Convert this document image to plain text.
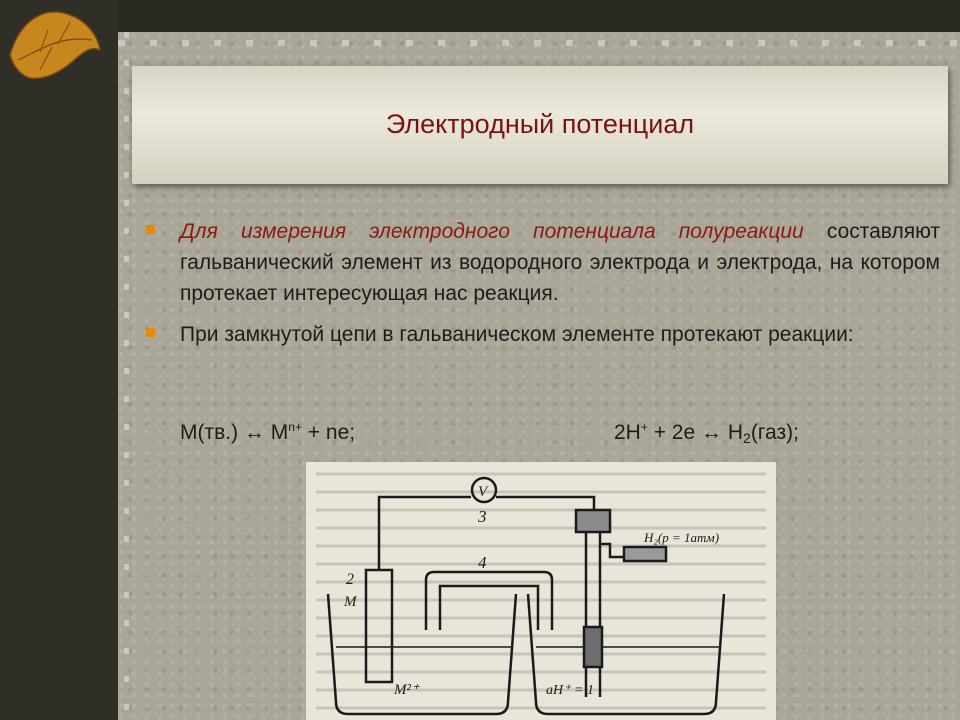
Электродный потенциал
Для измерения электродного потенциала полуреакции составляют гальванический элемент из водородного электрода и электрода, на котором протекает интересующая нас реакция.
При замкнутой цепи в гальваническом элементе протекают реакции:
M(тв.) ↔ $M^{n+}$ + ne;	2H+ + 2e ↔ $H_2(газ)$;
V
3
4
2
M
M²⁺
H₂(p = 1атм)
aH⁺ = 1
